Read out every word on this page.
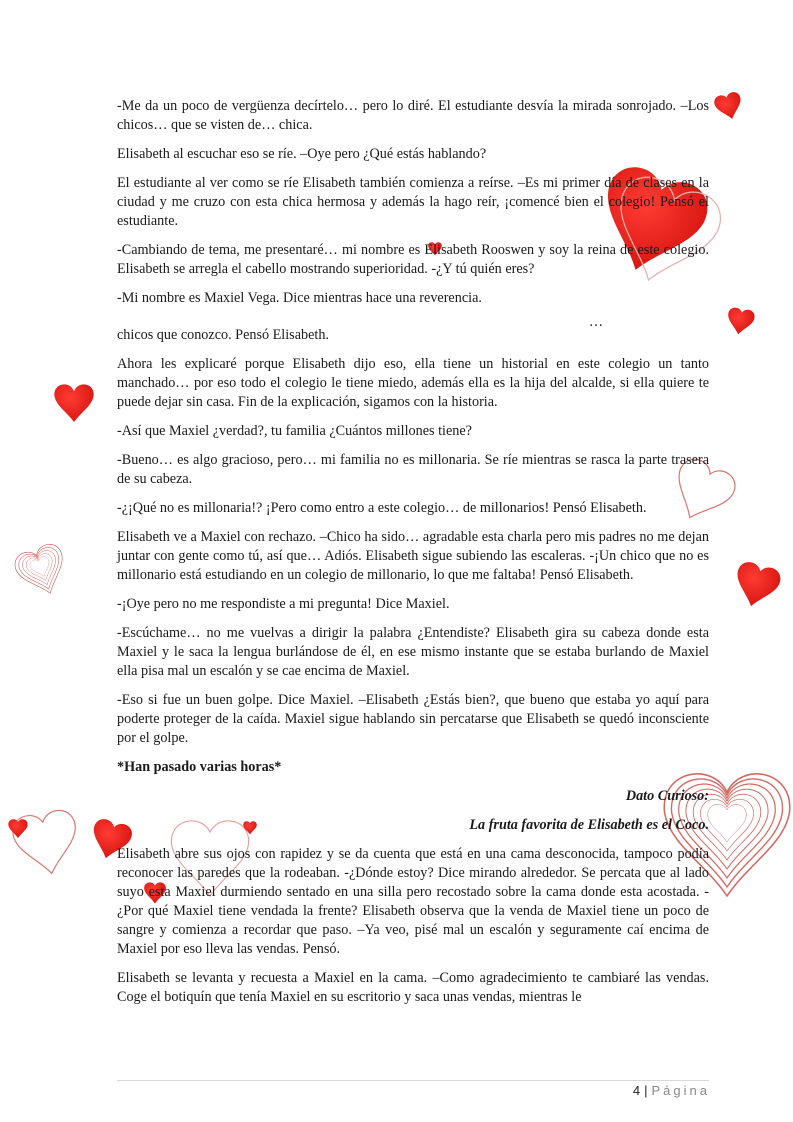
-Me da un poco de vergüenza decírtelo… pero lo diré. El estudiante desvía la mirada sonrojado. –Los chicos… que se visten de… chica.

Elisabeth al escuchar eso se ríe. –Oye pero ¿Qué estás hablando?

El estudiante al ver como se ríe Elisabeth también comienza a reírse. –Es mi primer día de clases en la ciudad y me cruzo con esta chica hermosa y además la hago reír, ¡comencé bien el colegio! Pensó el estudiante.

-Cambiando de tema, me presentaré… mi nombre es Elisabeth Rooswen y soy la reina de este colegio. Elisabeth se arregla el cabello mostrando superioridad. -¿Y tú quién eres?

-Mi nombre es Maxiel Vega. Dice mientras hace una reverencia.

…

chicos que conozco. Pensó Elisabeth.

Ahora les explicaré porque Elisabeth dijo eso, ella tiene un historial en este colegio un tanto manchado… por eso todo el colegio le tiene miedo, además ella es la hija del alcalde, si ella quiere te puede dejar sin casa. Fin de la explicación, sigamos con la historia.

-Así que Maxiel ¿verdad?, tu familia ¿Cuántos millones tiene?

-Bueno… es algo gracioso, pero… mi familia no es millonaria. Se ríe mientras se rasca la parte trasera de su cabeza.

-¿¡Qué no es millonaria!? ¡Pero como entro a este colegio… de millonarios! Pensó Elisabeth.

Elisabeth ve a Maxiel con rechazo. –Chico ha sido… agradable esta charla pero mis padres no me dejan juntar con gente como tú, así que… Adiós. Elisabeth sigue subiendo las escaleras. -¡Un chico que no es millonario está estudiando en un colegio de millonario, lo que me faltaba! Pensó Elisabeth.

-¡Oye pero no me respondiste a mi pregunta! Dice Maxiel.

-Escúchame… no me vuelvas a dirigir la palabra ¿Entendiste? Elisabeth gira su cabeza donde esta Maxiel y le saca la lengua burlándose de él, en ese mismo instante que se estaba burlando de Maxiel ella pisa mal un escalón y se cae encima de Maxiel.

-Eso si fue un buen golpe. Dice Maxiel. –Elisabeth ¿Estás bien?, que bueno que estaba yo aquí para poderte proteger de la caída. Maxiel sigue hablando sin percatarse que Elisabeth se quedó inconsciente por el golpe.

*Han pasado varias horas*

Dato Curioso:

La fruta favorita de Elisabeth es el Coco.

Elisabeth abre sus ojos con rapidez y se da cuenta que está en una cama desconocida, tampoco podía reconocer las paredes que la rodeaban. -¿Dónde estoy? Dice mirando alrededor. Se percata que al lado suyo esta Maxiel durmiendo sentado en una silla pero recostado sobre la cama donde esta acostada. -¿Por qué Maxiel tiene vendada la frente? Elisabeth observa que la venda de Maxiel tiene un poco de sangre y comienza a recordar que paso. –Ya veo, pisé mal un escalón y seguramente caí encima de Maxiel por eso lleva las vendas. Pensó.

Elisabeth se levanta y recuesta a Maxiel en la cama. –Como agradecimiento te cambiaré las vendas. Coge el botiquín que tenía Maxiel en su escritorio y saca unas vendas, mientras le

4 | Página
